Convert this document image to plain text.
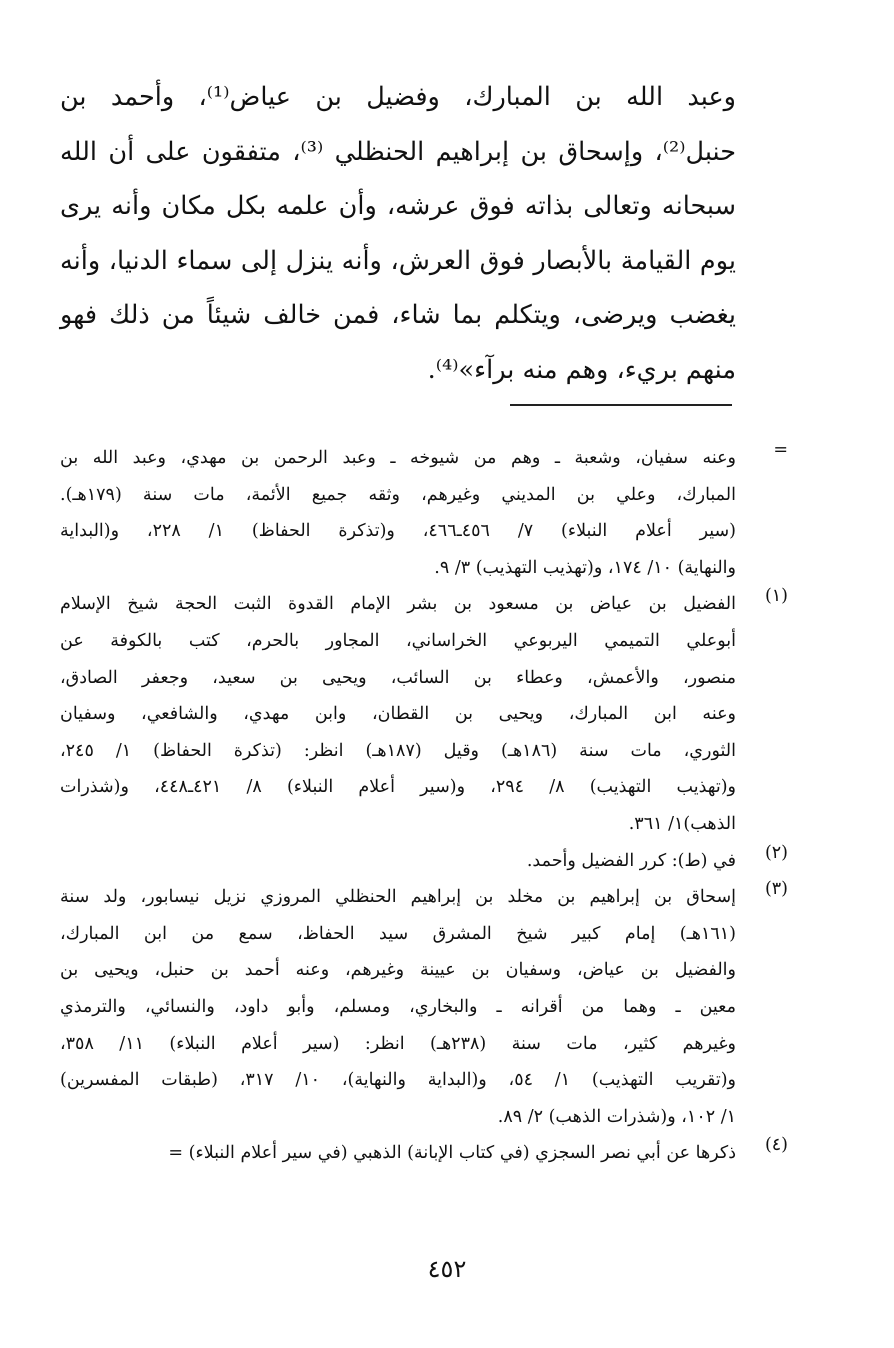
وعبد الله بن المبارك، وفضيل بن عياض⁽¹⁾، وأحمد بن
حنبل⁽²⁾، وإسحاق بن إبراهيم الحنظلي ⁽³⁾، متفقون على أن الله
سبحانه وتعالى بذاته فوق عرشه، وأن علمه بكل مكان وأنه يرى
يوم القيامة بالأبصار فوق العرش، وأنه ينزل إلى سماء الدنيا، وأنه
يغضب ويرضى، ويتكلم بما شاء، فمن خالف شيئاً من ذلك فهو
منهم بريء، وهم منه برآء»⁽⁴⁾.
=
وعنه سفيان، وشعبة ـ وهم من شيوخه ـ وعبد الرحمن بن مهدي، وعبد الله بن
المبارك، وعلي بن المديني وغيرهم، وثقه جميع الأئمة، مات سنة (١٧٩هـ).
(سير أعلام النبلاء) ٧/ ٤٥٦ـ٤٦٦، و(تذكرة الحفاظ) ١/ ٢٢٨، و(البداية
والنهاية) ١٠/ ١٧٤، و(تهذيب التهذيب) ٣/ ٩.
(١)
الفضيل بن عياض بن مسعود بن بشر الإمام القدوة الثبت الحجة شيخ الإسلام
أبوعلي التميمي اليربوعي الخراساني، المجاور بالحرم، كتب بالكوفة عن
منصور، والأعمش، وعطاء بن السائب، ويحيى بن سعيد، وجعفر الصادق،
وعنه ابن المبارك، ويحيى بن القطان، وابن مهدي، والشافعي، وسفيان
الثوري، مات سنة (١٨٦هـ) وقيل (١٨٧هـ) انظر: (تذكرة الحفاظ) ١/ ٢٤٥،
و(تهذيب التهذيب) ٨/ ٢٩٤، و(سير أعلام النبلاء) ٨/ ٤٢١ـ٤٤٨، و(شذرات
الذهب)١/ ٣٦١.
(٢)
في (ط): كرر الفضيل وأحمد.
(٣)
إسحاق بن إبراهيم بن مخلد بن إبراهيم الحنظلي المروزي نزيل نيسابور، ولد سنة
(١٦١هـ) إمام كبير شيخ المشرق سيد الحفاظ، سمع من ابن المبارك،
والفضيل بن عياض، وسفيان بن عيينة وغيرهم، وعنه أحمد بن حنبل، ويحيى بن
معين ـ وهما من أقرانه ـ والبخاري، ومسلم، وأبو داود، والنسائي، والترمذي
وغيرهم كثير، مات سنة (٢٣٨هـ) انظر: (سير أعلام النبلاء) ١١/ ٣٥٨،
و(تقريب التهذيب) ١/ ٥٤، و(البداية والنهاية)، ١٠/ ٣١٧، (طبقات المفسرين)
١/ ١٠٢، و(شذرات الذهب) ٢/ ٨٩.
(٤)
ذكرها عن أبي نصر السجزي (في كتاب الإبانة) الذهبي (في سير أعلام النبلاء) =
٤٥٢
